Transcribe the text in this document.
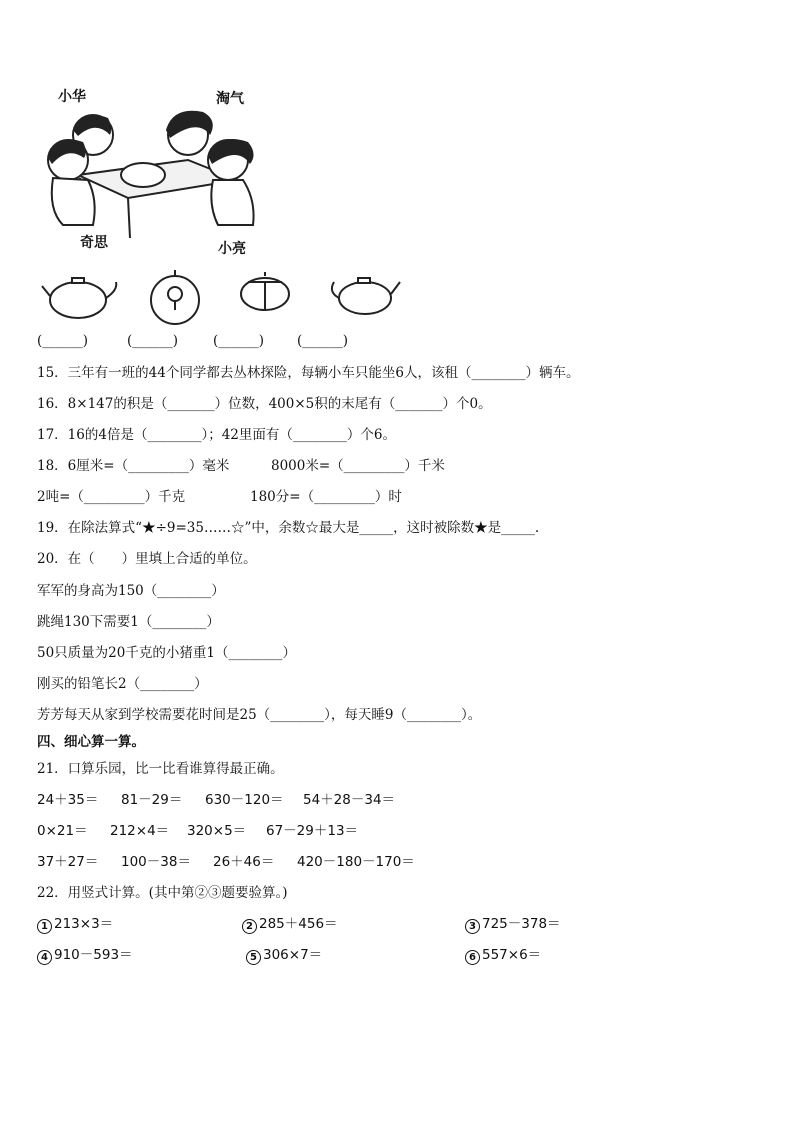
小华	淘气
奇思	小亮
(______)	(______)	(______) (______)
15．三年有一班的44个同学都去丛林探险，每辆小车只能坐6人，该租（________）辆车。
16．8×147的积是（_______）位数，400×5积的末尾有（_______）个0。
17．16的4倍是（________）；42里面有（________）个6。
18．6厘米=（_________）毫米	8000米=（_________）千米
2吨=（_________）千克	180分=（_________）时
19．在除法算式“★÷9=35……☆”中，余数☆最大是_____，这时被除数★是_____.
20．在（　　）里填上合适的单位。
军军的身高为150（________）
跳绳130下需要1（________）
50只质量为20千克的小猪重1（________）
刚买的铅笔长2（________）
芳芳每天从家到学校需要花时间是25（________），每天睡9（________）。
四、细心算一算。
21．口算乐园，比一比看谁算得最正确。
24＋35＝ 81－29＝ 630－120＝ 54＋28－34＝
0×21＝ 212×4＝ 320×5＝ 67－29＋13＝
37＋27＝ 100－38＝ 26＋46＝ 420－180－170＝
22．用竖式计算。(其中第②③题要验算。)
1 213×3＝	2 285＋456＝	3 725－378＝
4 910－593＝	5 306×7＝	6 557×6＝
